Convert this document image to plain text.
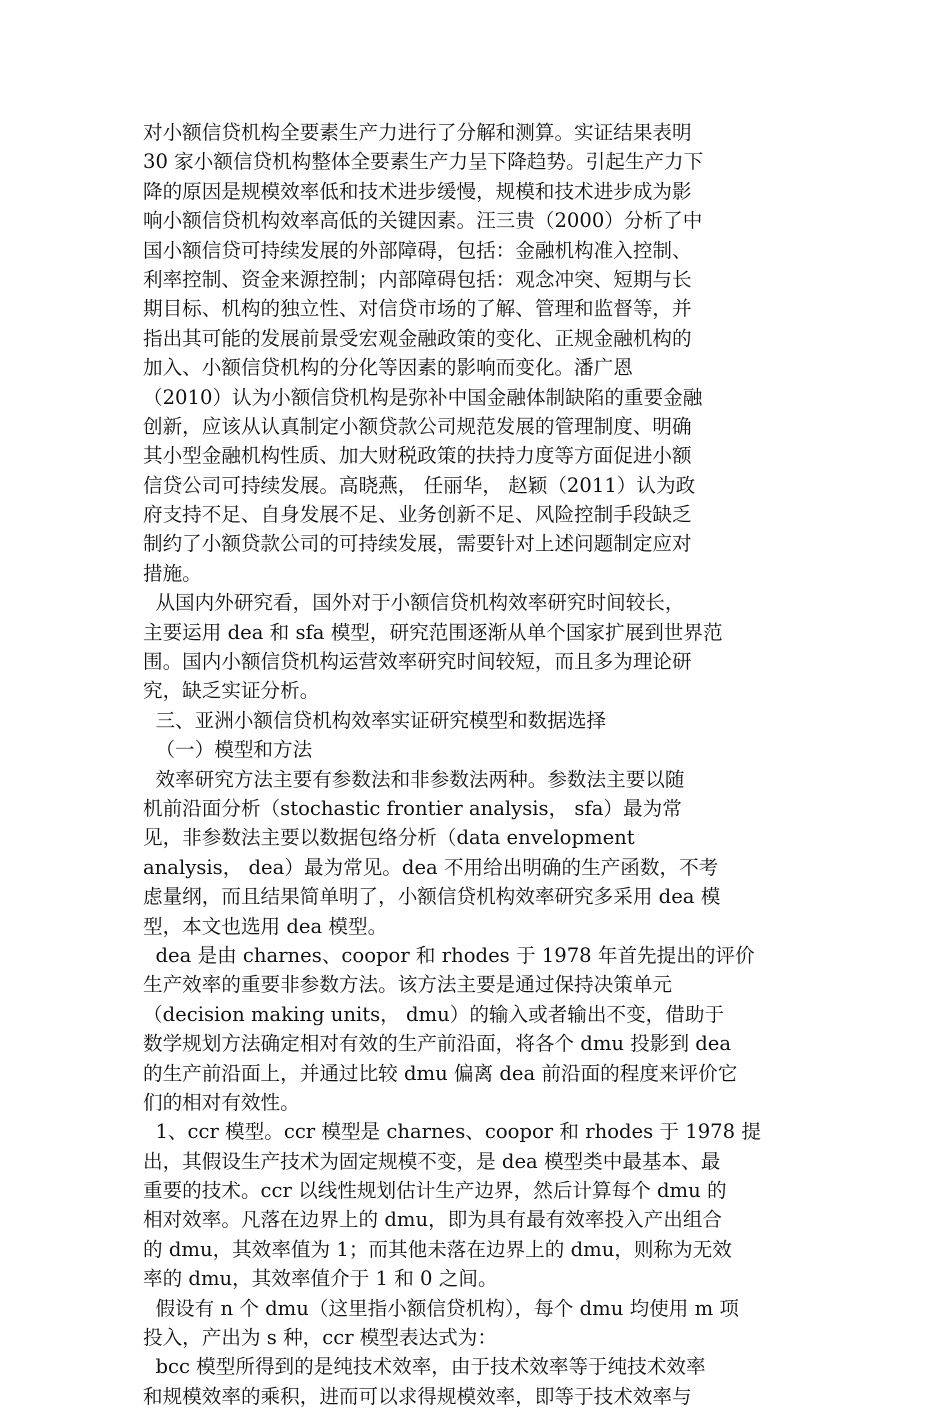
对小额信贷机构全要素生产力进行了分解和测算。实证结果表明
30 家小额信贷机构整体全要素生产力呈下降趋势。引起生产力下
降的原因是规模效率低和技术进步缓慢，规模和技术进步成为影
响小额信贷机构效率高低的关键因素。汪三贵（2000）分析了中
国小额信贷可持续发展的外部障碍，包括：金融机构准入控制、
利率控制、资金来源控制；内部障碍包括：观念冲突、短期与长
期目标、机构的独立性、对信贷市场的了解、管理和监督等，并
指出其可能的发展前景受宏观金融政策的变化、正规金融机构的
加入、小额信贷机构的分化等因素的影响而变化。潘广恩
（2010）认为小额信贷机构是弥补中国金融体制缺陷的重要金融
创新，应该从认真制定小额贷款公司规范发展的管理制度、明确
其小型金融机构性质、加大财税政策的扶持力度等方面促进小额
信贷公司可持续发展。高晓燕， 任丽华， 赵颖（2011）认为政
府支持不足、自身发展不足、业务创新不足、风险控制手段缺乏
制约了小额贷款公司的可持续发展，需要针对上述问题制定应对
措施。
从国内外研究看，国外对于小额信贷机构效率研究时间较长，
主要运用 dea 和 sfa 模型，研究范围逐渐从单个国家扩展到世界范
围。国内小额信贷机构运营效率研究时间较短，而且多为理论研
究，缺乏实证分析。
三、亚洲小额信贷机构效率实证研究模型和数据选择
（一）模型和方法
效率研究方法主要有参数法和非参数法两种。参数法主要以随
机前沿面分析（stochastic frontier analysis， sfa）最为常
见，非参数法主要以数据包络分析（data envelopment
analysis， dea）最为常见。dea 不用给出明确的生产函数，不考
虑量纲，而且结果简单明了，小额信贷机构效率研究多采用 dea 模
型，本文也选用 dea 模型。
dea 是由 charnes、coopor 和 rhodes 于 1978 年首先提出的评价
生产效率的重要非参数方法。该方法主要是通过保持决策单元
（decision making units， dmu）的输入或者输出不变，借助于
数学规划方法确定相对有效的生产前沿面，将各个 dmu 投影到 dea
的生产前沿面上，并通过比较 dmu 偏离 dea 前沿面的程度来评价它
们的相对有效性。
1、ccr 模型。ccr 模型是 charnes、coopor 和 rhodes 于 1978 提
出，其假设生产技术为固定规模不变，是 dea 模型类中最基本、最
重要的技术。ccr 以线性规划估计生产边界，然后计算每个 dmu 的
相对效率。凡落在边界上的 dmu，即为具有最有效率投入产出组合
的 dmu，其效率值为 1；而其他未落在边界上的 dmu，则称为无效
率的 dmu，其效率值介于 1 和 0 之间。
假设有 n 个 dmu（这里指小额信贷机构），每个 dmu 均使用 m 项
投入，产出为 s 种，ccr 模型表达式为：
bcc 模型所得到的是纯技术效率，由于技术效率等于纯技术效率
和规模效率的乘积，进而可以求得规模效率，即等于技术效率与
